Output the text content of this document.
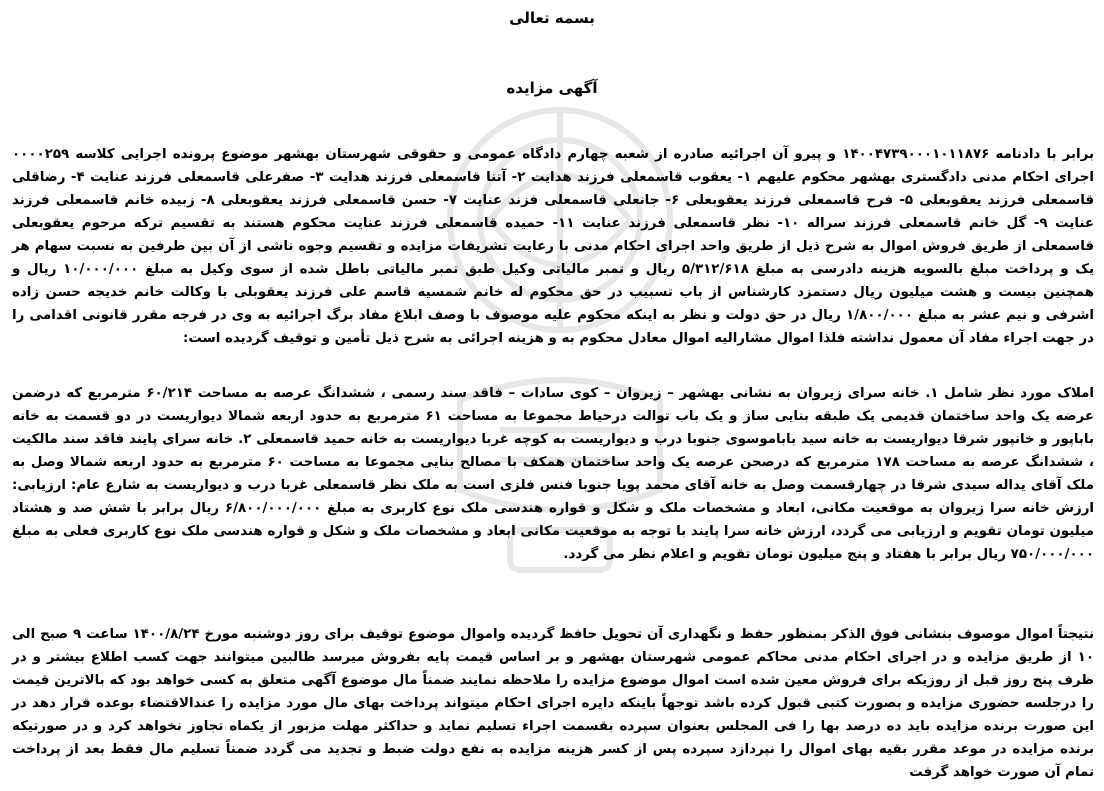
بسمه تعالی
آگهی مزایده
برابر با دادنامه ۱۴۰۰۴۷۳۹۰۰۰۱۰۱۱۸۷۶ و پیرو آن اجرائیه صادره از شعبه چهارم دادگاه عمومی و حقوقی شهرستان بهشهر موضوع پرونده اجرایی کلاسه ۰۰۰۰۲۵۹ اجرای احکام مدنی دادگستری بهشهر محکوم علیهم ۱- یعقوب قاسمعلی فرزند هدایت ۲- آتنا قاسمعلی فرزند هدایت ۳- صفرعلی قاسمعلی فرزند عنایت ۴- رضاقلی قاسمعلی فرزند یعقوبعلی ۵- فرح قاسمعلی فرزند یعقوبعلی ۶- جانعلی قاسمعلی فزند عنایت ۷- حسن قاسمعلی فرزند یعقوبعلی ۸- زبیده خانم قاسمعلی فرزند عنایت ۹- گل خانم قاسمعلی فرزند سراله ۱۰- نظر قاسمعلی فرزند عنایت ۱۱- حمیده قاسمعلی فرزند عنایت محکوم هستند به تقسیم ترکه مرحوم یعقوبعلی قاسمعلی از طریق فروش اموال به شرح ذیل از طریق واحد اجرای احکام مدنی با رعایت تشریفات مزایده و تقسیم وجوه ناشی از آن بین طرفین به نسبت سهام هر یک و پرداخت مبلغ بالسویه هزینه دادرسی به مبلغ ۵/۳۱۲/۶۱۸ ریال و تمبر مالیاتی وکیل طبق تمبر مالیاتی باطل شده از سوی وکیل به مبلغ ۱۰/۰۰۰/۰۰۰ ریال و همچنین بیست و هشت میلیون ریال دستمزد کارشناس از باب تسبیب در حق محکوم له خانم شمسیه قاسم علی فرزند یعقوبلی با وکالت خانم خدیجه حسن زاده اشرفی و نیم عشر به مبلغ ۱/۸۰۰/۰۰۰ ریال در حق دولت و نظر به اینکه محکوم علیه موصوف با وصف ابلاغ مفاد برگ اجرائیه به وی در فرجه مقرر قانونی اقدامی را در جهت اجراء مفاد آن معمول نداشته فلذا اموال مشارالیه اموال معادل محکوم به و هزینه اجرائی به شرح ذیل تأمین و توقیف گردیده است:
املاک مورد نظر شامل ۱. خانه سرای زیروان به نشانی بهشهر – زیروان – کوی سادات – فاقد سند رسمی ، ششدانگ عرصه به مساحت ۶۰/۲۱۴ مترمربع که درضمن عرضه یک واحد ساختمان قدیمی یک طبقه بنایی ساز و یک باب توالت درحیاط مجموعا به مساحت ۶۱ مترمربع به حدود اربعه شمالا دیواریست در دو قسمت به خانه باباپور و خانپور شرقا دیواریست به خانه سید باباموسوی جنوبا درب و دیواریست به کوچه غربا دیواریست به خانه حمید قاسمعلی ۲. خانه سرای پایند فاقد سند مالکیت ، ششدانگ عرصه به مساحت ۱۷۸ مترمربع که درصحن عرصه یک واحد ساختمان همکف با مصالح بنایی مجموعا به مساحت ۶۰ مترمربع به حدود اربعه شمالا وصل به ملک آقای یداله سیدی شرقا در چهارقسمت وصل به خانه آقای محمد پویا جنوبا فنس فلزی است به ملک نظر قاسمعلی غربا درب و دیواریست به شارع عام: ارزیابی: ارزش خانه سرا زیروان به موقعیت مکانی، ابعاد و مشخصات ملک و شکل و قواره هندسی ملک نوع کاربری به مبلغ ۶/۸۰۰/۰۰۰/۰۰۰ ریال برابر با شش صد و هشتاد میلیون تومان تقویم و ارزیابی می گردد، ارزش خانه سرا پایند با توجه به موقعیت مکانی ابعاد و مشخصات ملک و شکل و قواره هندسی ملک نوع کاربری فعلی به مبلغ ۷۵۰/۰۰۰/۰۰۰ ریال برابر با هفتاد و پنج میلیون تومان تقویم و اعلام نظر می گردد.
نتیجتاً اموال موصوف بنشانی فوق الذکر بمنظور حفظ و نگهداری آن تحویل حافظ گردیده واموال موضوع توقیف برای روز دوشنبه مورخ ۱۴۰۰/۸/۲۴ ساعت ۹ صبح الی ۱۰ از طریق مزایده و در اجرای احکام مدنی محاکم عمومی شهرستان بهشهر و بر اساس قیمت پایه بفروش میرسد طالبین میتوانند جهت کسب اطلاع بیشتر و در ظرف پنج روز قبل از روزیکه برای فروش معین شده است اموال موضوع مزایده را ملاحظه نمایند ضمناً مال موضوع آگهی متعلق به کسی خواهد بود که بالاترین قیمت را درجلسه حضوری مزایده و بصورت کتبی قبول کرده باشد توجهاً باینکه دایره اجرای احکام میتواند پرداخت بهای مال مورد مزایده را عندالاقتضاء بوعده قرار دهد در این صورت برنده مزایده باید ده درصد بها را فی المجلس بعنوان سپرده بقسمت اجراء تسلیم نماید و حداکثر مهلت مزبور از یکماه تجاوز نخواهد کرد و در صورتیکه برنده مزایده در موعد مقرر بقیه بهای اموال را نپردازد سپرده پس از کسر هزینه مزایده به نفع دولت ضبط و تجدید می گردد ضمناً تسلیم مال فقط بعد از پرداخت تمام آن صورت خواهد گرفت
